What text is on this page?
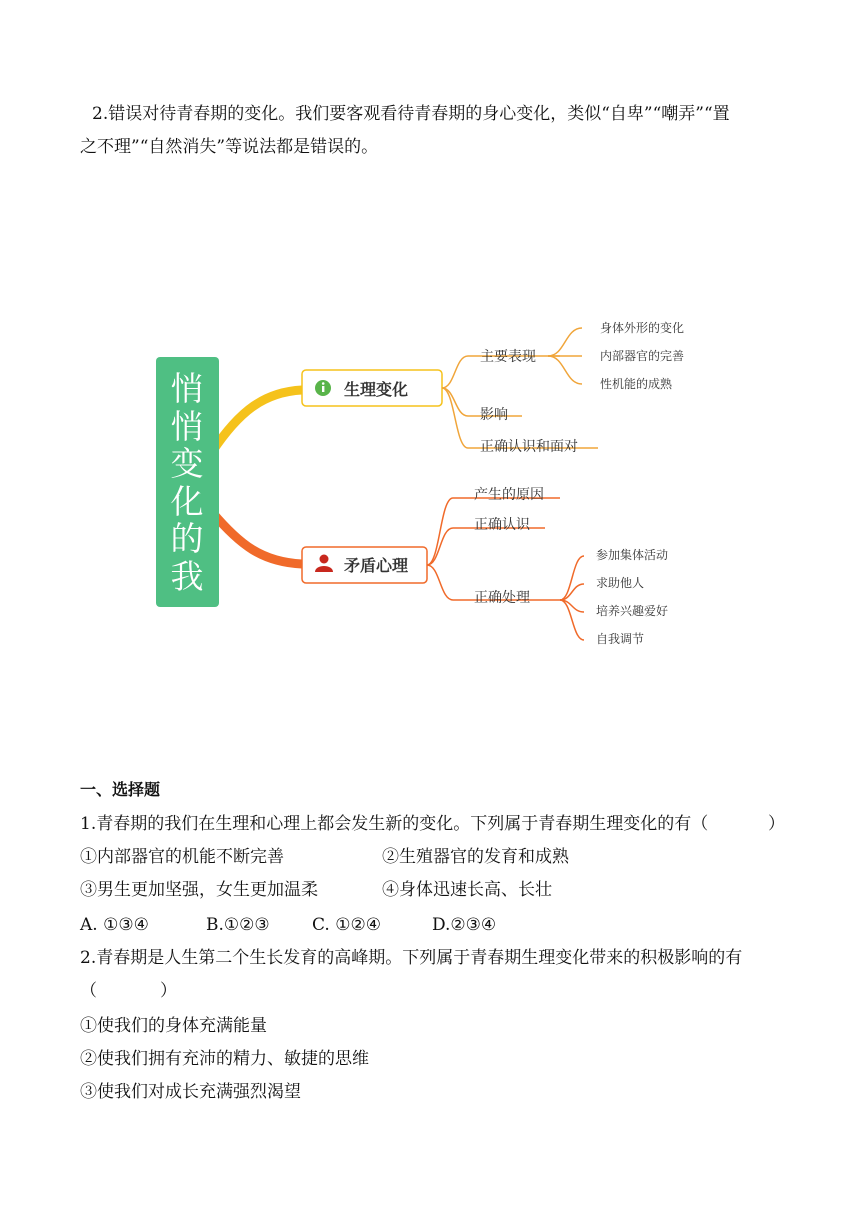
2.错误对待青春期的变化。我们要客观看待青春期的身心变化，类似“自卑”“嘲弄”“置
之不理”“自然消失”等说法都是错误的。
悄
悄
变
化
的
我
生理变化
主要表现
身体外形的变化
内部器官的完善
性机能的成熟
影响
正确认识和面对
矛盾心理
产生的原因
正确认识
正确处理
参加集体活动
求助他人
培养兴趣爱好
自我调节
一、选择题
1.青春期的我们在生理和心理上都会发生新的变化。下列属于青春期生理变化的有（	）
①内部器官的机能不断完善	②生殖器官的发育和成熟
③男生更加坚强，女生更加温柔	④身体迅速长高、长壮
A. ①③④	B.①②③ C. ①②④	D.②③④
2.青春期是人生第二个生长发育的高峰期。下列属于青春期生理变化带来的积极影响的有
（	）
①使我们的身体充满能量
②使我们拥有充沛的精力、敏捷的思维
③使我们对成长充满强烈渴望
